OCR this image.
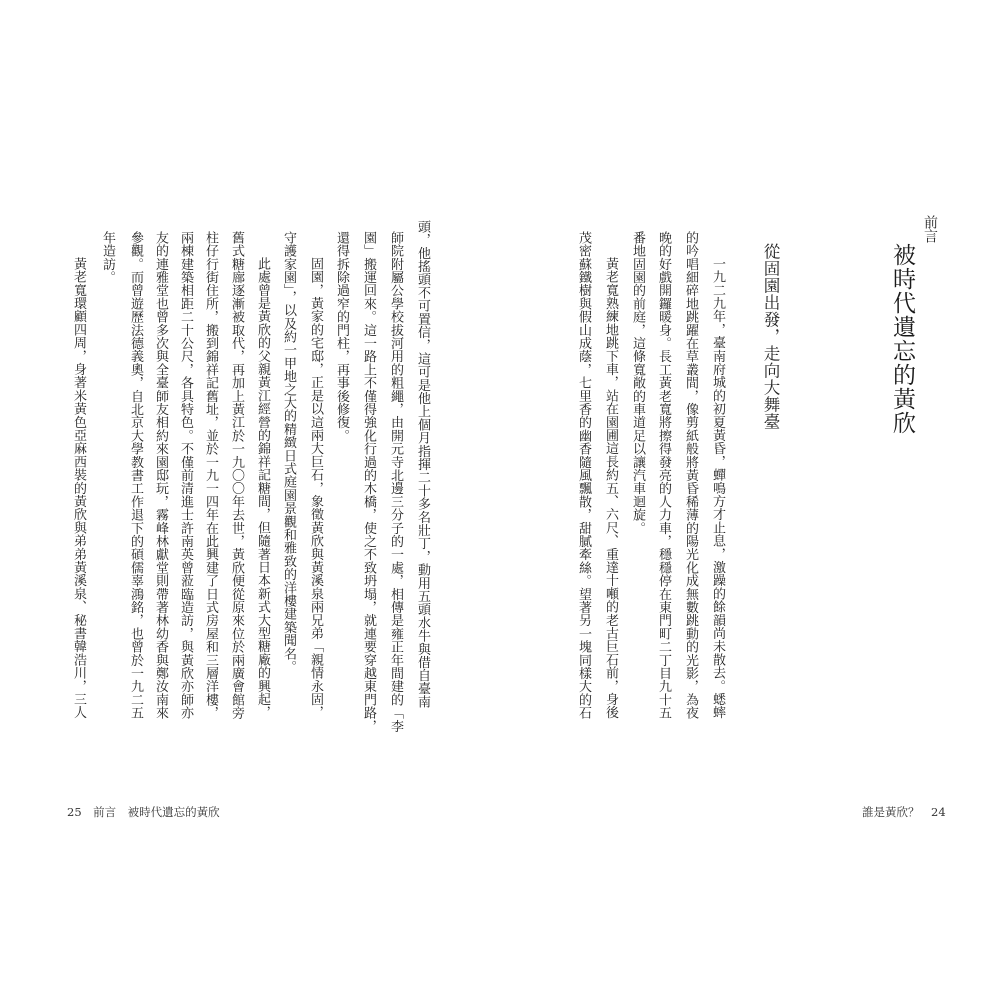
前言
被時代遺忘的黃欣
從固園出發，走向大舞臺
一九二九年，臺南府城的初夏黃昏，蟬鳴方才止息，激躁的餘韻尚未散去。蟋蟀
的吟唱細碎地跳躍在草叢間，像剪紙般將黃昏稀薄的陽光化成無數跳動的光影，為夜
晚的好戲開鑼暖身。長工黃老寬將擦得發亮的人力車，穩穩停在東門町二丁目九十五
番地固園的前庭，這條寬敞的車道足以讓汽車迴旋。
黃老寬熟練地跳下車，站在園圃這長約五、六尺、重達十噸的老古巨石前，身後
茂密蘇鐵樹與假山成蔭，七里香的幽香隨風飄散，甜膩牽絲。望著另一塊同樣大的石
誰是黃欣？　24
頭，他搖頭不可置信，這可是他上個月指揮二十多名壯丁，動用五頭水牛與借自臺南
師院附屬公學校拔河用的粗繩，由開元寺北邊三分子的一處，相傳是雍正年間建的「李
園」搬運回來。這一路上不僅得強化行過的木橋，使之不致坍塌，就連要穿越東門路，
還得拆除過窄的門柱，再事後修復。
固園，黃家的宅邸，正是以這兩大巨石，象徵黃欣與黃溪泉兩兄弟「親情永固，
守護家園」，以及約一甲地之大的精緻日式庭園景觀和雅致的洋樓建築聞名。
此處曾是黃欣的父親黃江經營的錦祥記糖間，但隨著日本新式大型糖廠的興起，
舊式糖廍逐漸被取代，再加上黃江於一九〇〇年去世，黃欣便從原來位於兩廣會館旁
柱仔行街住所，搬到錦祥記舊址，並於一九一四年在此興建了日式房屋和三層洋樓，
兩棟建築相距二十公尺，各具特色。不僅前清進士許南英曾蒞臨造訪，與黃欣亦師亦
友的連雅堂也曾多次與全臺師友相約來園邸玩，霧峰林獻堂則帶著林幼香與鄭汝南來
參觀。而曾遊歷法德義奧，自北京大學教書工作退下的碩儒辜鴻銘，也曾於一九二五
年造訪。
黃老寬環顧四周，身著米黃色亞麻西裝的黃欣與弟弟黃溪泉、秘書韓浩川，三人
25　前言　被時代遺忘的黃欣
